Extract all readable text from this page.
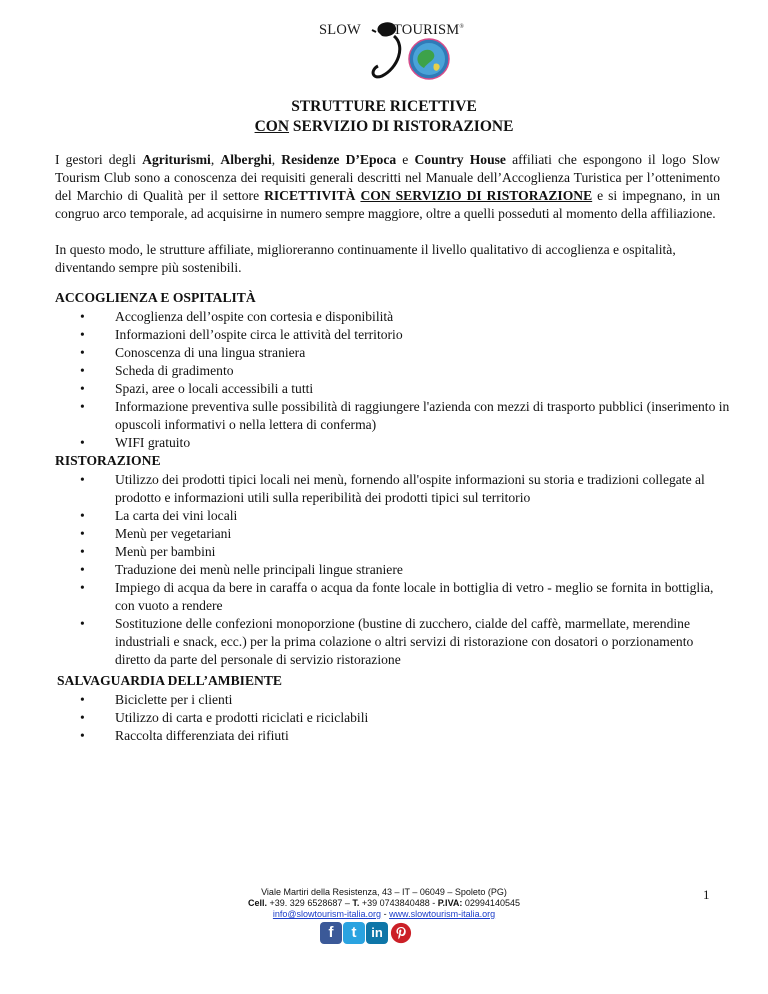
SLOW TOURISM®
STRUTTURE RICETTIVE
CON SERVIZIO DI RISTORAZIONE
I gestori degli Agriturismi, Alberghi, Residenze D’Epoca e Country House affiliati che espongono il logo Slow Tourism Club sono a conoscenza dei requisiti generali descritti nel Manuale dell’Accoglienza Turistica per l’ottenimento del Marchio di Qualità per il settore RICETTIVITÀ CON SERVIZIO DI RISTORAZIONE e si impegnano, in un congruo arco temporale, ad acquisirne in numero sempre maggiore, oltre a quelli posseduti al momento della affiliazione.
In questo modo, le strutture affiliate, miglioreranno continuamente il livello qualitativo di accoglienza e ospitalità, diventando sempre più sostenibili.
ACCOGLIENZA E OSPITALITÀ
• Accoglienza dell’ospite con cortesia e disponibilità
• Informazioni dell’ospite circa le attività del territorio
• Conoscenza di una lingua straniera
• Scheda di gradimento
• Spazi, aree o locali accessibili a tutti
• Informazione preventiva sulle possibilità di raggiungere l'azienda con mezzi di trasporto pubblici (inserimento in opuscoli informativi o nella lettera di conferma)
• WIFI gratuito
RISTORAZIONE
• Utilizzo dei prodotti tipici locali nei menù, fornendo all'ospite informazioni su storia e tradizioni collegate al prodotto e informazioni utili sulla reperibilità dei prodotti tipici sul territorio
• La carta dei vini locali
• Menù per vegetariani
• Menù per bambini
• Traduzione dei menù nelle principali lingue straniere
• Impiego di acqua da bere in caraffa o acqua da fonte locale in bottiglia di vetro - meglio se fornita in bottiglia, con vuoto a rendere
• Sostituzione delle confezioni monoporzione (bustine di zucchero, cialde del caffè, marmellate, merendine industriali e snack, ecc.) per la prima colazione o altri servizi di ristorazione con dosatori o porzionamento diretto da parte del personale di servizio ristorazione
SALVAGUARDIA DELL’AMBIENTE
• Biciclette per i clienti
• Utilizzo di carta e prodotti riciclati e riciclabili
• Raccolta differenziata dei rifiuti
Viale Martiri della Resistenza, 43 – IT – 06049 – Spoleto (PG)
Cell. +39. 329 6528687 – T. +39 0743840488 - P.IVA: 02994140545
info@slowtourism-italia.org - www.slowtourism-italia.org
1
f	t	in
